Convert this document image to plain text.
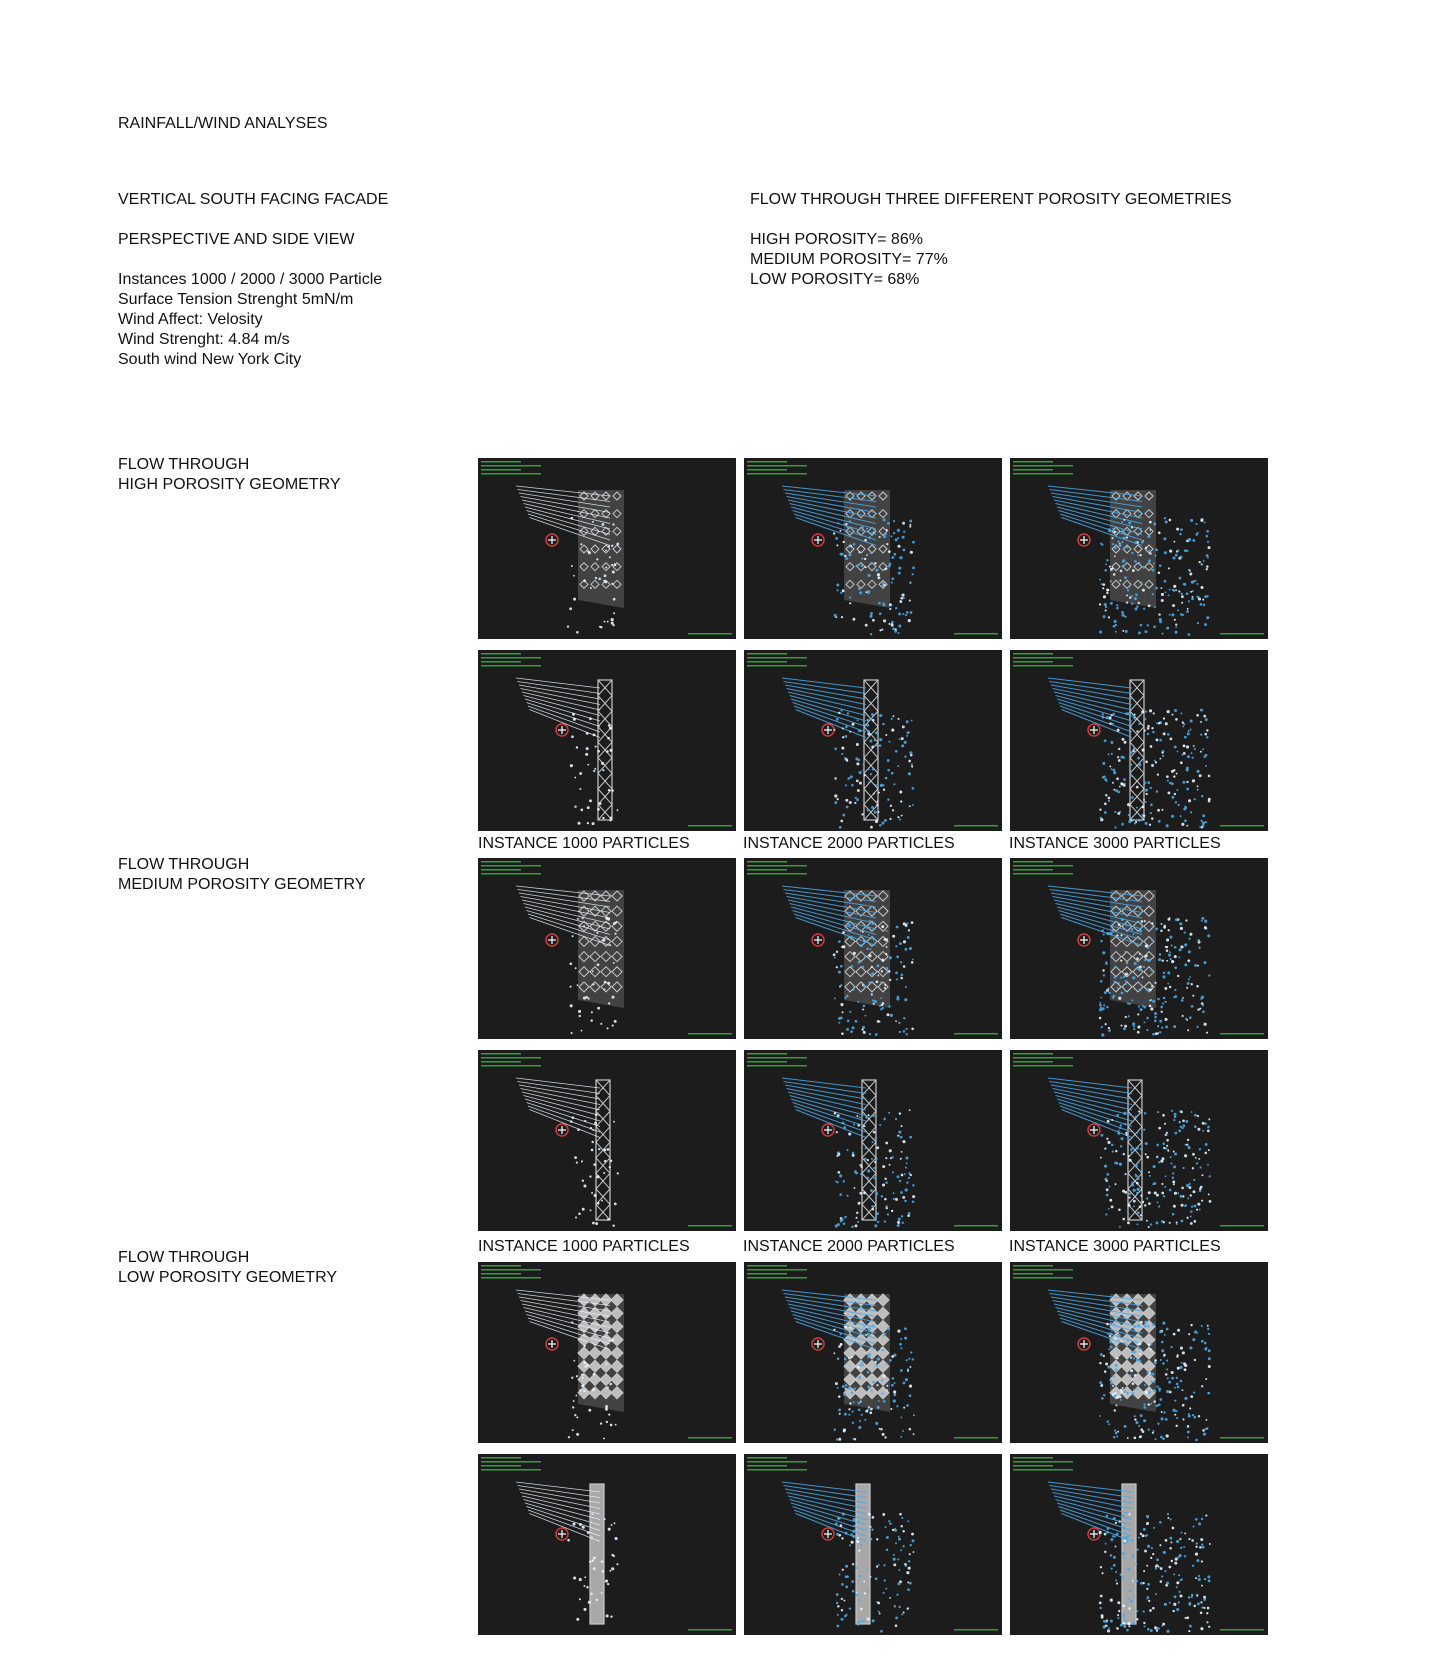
RAINFALL/WIND ANALYSES

VERTICAL SOUTH FACING FACADE

PERSPECTIVE AND SIDE VIEW

Instances 1000 / 2000 / 3000 Particle

Surface Tension Strenght 5mN/m

Wind Affect: Velosity

Wind Strenght: 4.84 m/s

South wind New York City

FLOW THROUGH THREE DIFFERENT POROSITY GEOMETRIES

HIGH POROSITY= 86%

MEDIUM POROSITY= 77%

LOW POROSITY= 68%

FLOW THROUGH

HIGH POROSITY GEOMETRY

FLOW THROUGH

MEDIUM POROSITY GEOMETRY

FLOW THROUGH

LOW POROSITY GEOMETRY

INSTANCE 1000 PARTICLES	INSTANCE 2000 PARTICLES	INSTANCE 3000 PARTICLES
INSTANCE 1000 PARTICLES	INSTANCE 2000 PARTICLES	INSTANCE 3000 PARTICLES
